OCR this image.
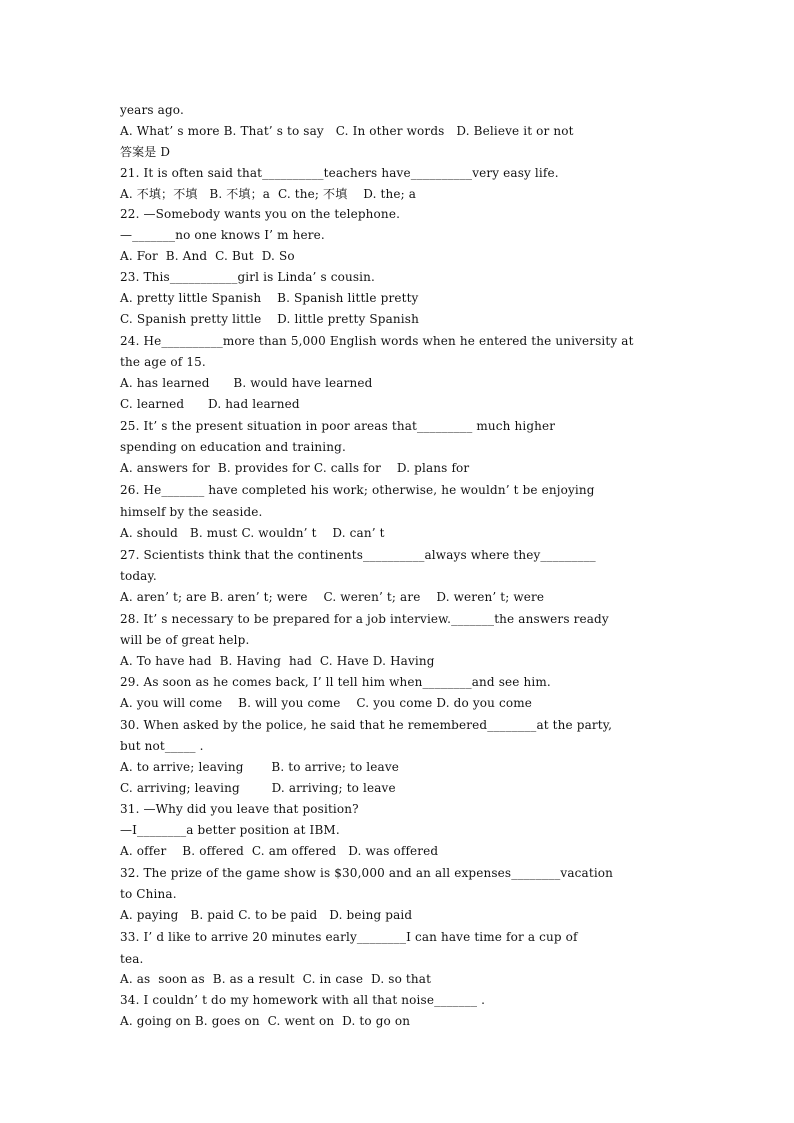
years ago.
A. What’ s more B. That’ s to say   C. In other words   D. Believe it or not
答案是 D
21. It is often said that__________teachers have__________very easy life.
A. 不填；不填   B. 不填；a  C. the; 不填    D. the; a
22. —Somebody wants you on the telephone.
—_______no one knows I’ m here.
A. For  B. And  C. But  D. So
23. This___________girl is Linda’ s cousin.
A. pretty little Spanish    B. Spanish little pretty
C. Spanish pretty little    D. little pretty Spanish
24. He__________more than 5,000 English words when he entered the university at
the age of 15.
A. has learned      B. would have learned
C. learned      D. had learned
25. It’ s the present situation in poor areas that_________ much higher
spending on education and training.
A. answers for  B. provides for C. calls for    D. plans for
26. He_______ have completed his work; otherwise, he wouldn’ t be enjoying
himself by the seaside.
A. should   B. must C. wouldn’ t    D. can’ t
27. Scientists think that the continents__________always where they_________
today.
A. aren’ t; are B. aren’ t; were    C. weren’ t; are    D. weren’ t; were
28. It’ s necessary to be prepared for a job interview._______the answers ready
will be of great help.
A. To have had  B. Having  had  C. Have D. Having
29. As soon as he comes back, I’ ll tell him when________and see him.
A. you will come    B. will you come    C. you come D. do you come
30. When asked by the police, he said that he remembered________at the party,
but not_____ .
A. to arrive; leaving       B. to arrive; to leave
C. arriving; leaving        D. arriving; to leave
31. —Why did you leave that position?
—I________a better position at IBM.
A. offer    B. offered  C. am offered   D. was offered
32. The prize of the game show is $30,000 and an all expenses________vacation
to China.
A. paying   B. paid C. to be paid   D. being paid
33. I’ d like to arrive 20 minutes early________I can have time for a cup of
tea.
A. as  soon as  B. as a result  C. in case  D. so that
34. I couldn’ t do my homework with all that noise_______ .
A. going on B. goes on  C. went on  D. to go on
